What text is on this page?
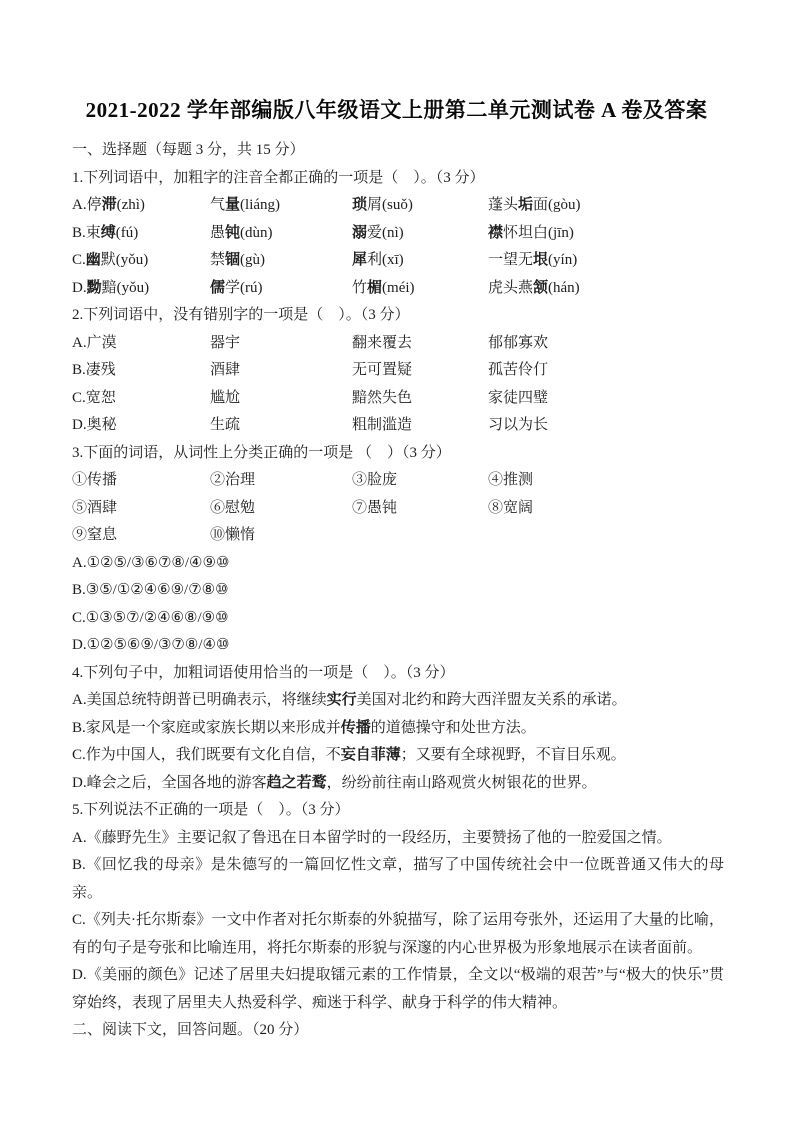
2021-2022 学年部编版八年级语文上册第二单元测试卷 A 卷及答案

一、选择题（每题 3 分，共 15 分）

1.下列词语中，加粗字的注音全都正确的一项是（　）。（3 分）

A.停滞(zhì)	气量(liáng)	琐屑(suǒ)	蓬头垢面(gòu)
B.束缚(fú)	愚钝(dùn)	溺爱(nì)	襟怀坦白(jīn)
C.幽默(yǒu)	禁锢(gù)	犀利(xī)	一望无垠(yín)
D.黝黯(yǒu)	儒学(rú)	竹楣(méi)	虎头燕颔(hán)

2.下列词语中，没有错别字的一项是（　）。（3 分）

A.广漠	器宇	翻来覆去	郁郁寡欢
B.凄残	酒肆	无可置疑	孤苦伶仃
C.宽恕	尴尬	黯然失色	家徒四璧
D.奥秘	生疏	粗制滥造	习以为长

3.下面的词语，从词性上分类正确的一项是 （　）（3 分）

①传播	②治理	③脸庞	④推测
⑤酒肆	⑥慰勉	⑦愚钝	⑧宽阔
⑨窒息	⑩懒惰

A.①②⑤/③⑥⑦⑧/④⑨⑩

B.③⑤/①②④⑥⑨/⑦⑧⑩

C.①③⑤⑦/②④⑥⑧/⑨⑩

D.①②⑤⑥⑨/③⑦⑧/④⑩

4.下列句子中，加粗词语使用恰当的一项是（　）。（3 分）

A.美国总统特朗普已明确表示，将继续实行美国对北约和跨大西洋盟友关系的承诺。

B.家风是一个家庭或家族长期以来形成并传播的道德操守和处世方法。

C.作为中国人，我们既要有文化自信，不妄自菲薄；又要有全球视野，不盲目乐观。

D.峰会之后，全国各地的游客趋之若鹜，纷纷前往南山路观赏火树银花的世界。

5.下列说法不正确的一项是（　）。（3 分）

A.《藤野先生》主要记叙了鲁迅在日本留学时的一段经历，主要赞扬了他的一腔爱国之情。

B.《回忆我的母亲》是朱德写的一篇回忆性文章，描写了中国传统社会中一位既普通又伟大的母亲。

C.《列夫·托尔斯泰》一文中作者对托尔斯泰的外貌描写，除了运用夸张外，还运用了大量的比喻，有的句子是夸张和比喻连用，将托尔斯泰的形貌与深邃的内心世界极为形象地展示在读者面前。

D.《美丽的颜色》记述了居里夫妇提取镭元素的工作情景，全文以“极端的艰苦”与“极大的快乐”贯穿始终，表现了居里夫人热爱科学、痴迷于科学、献身于科学的伟大精神。

二、阅读下文，回答问题。（20 分）
